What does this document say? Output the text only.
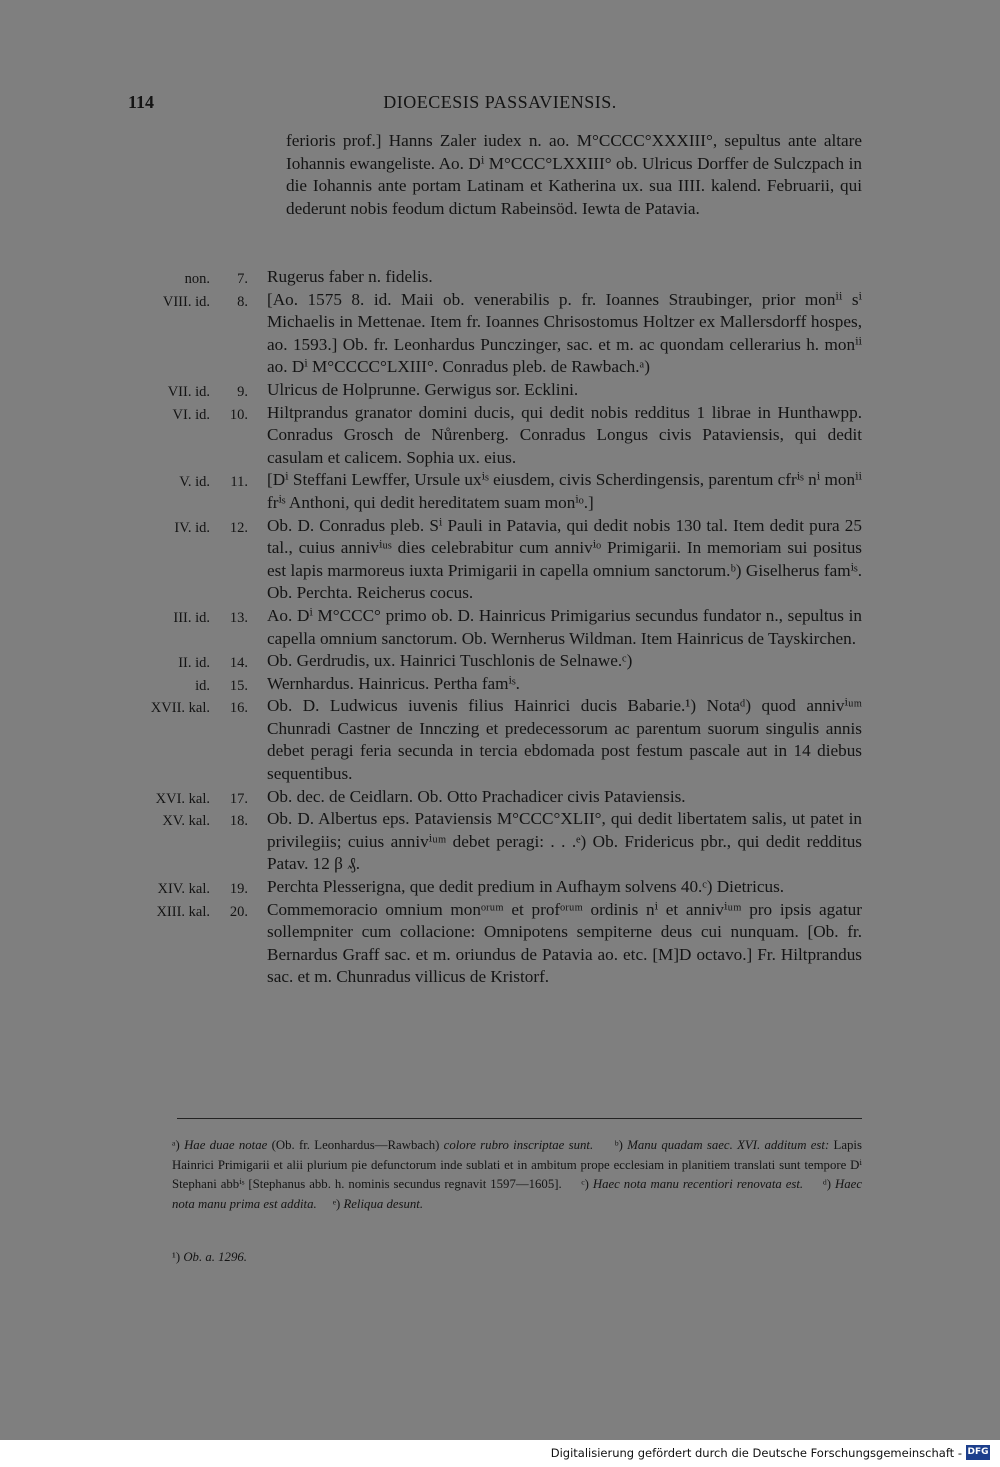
114	DIOECESIS PASSAVIENSIS.
ferioris prof.] Hanns Zaler iudex n. ao. M°CCCC°XXXIII°, sepultus ante altare Iohannis ewangeliste. Ao. Dⁱ M°CCC°LXXIII° ob. Ulricus Dorffer de Sulczpach in die Iohannis ante portam Latinam et Katherina ux. sua IIII. kalend. Februarii, qui dederunt nobis feodum dictum Rabeinsöd. Iewta de Patavia.
non.	7. Rugerus faber n. fidelis.
VIII. id.	8. [Ao. 1575 8. id. Maii ob. venerabilis p. fr. Ioannes Straubinger, prior monⁱⁱ sⁱ Michaelis in Mettenae. Item fr. Ioannes Chrisostomus Holtzer ex Mallersdorff hospes, ao. 1593.] Ob. fr. Leonhardus Punczinger, sac. et m. ac quondam cellerarius h. monⁱⁱ ao. Dⁱ M°CCCC°LXIII°. Conradus pleb. de Rawbach.ᵃ)
VII. id.	9. Ulricus de Holprunne. Gerwigus sor. Ecklini.
VI. id.	10. Hiltprandus granator domini ducis, qui dedit nobis redditus 1 librae in Hunthawpp. Conradus Grosch de Nůrenberg. Conradus Longus civis Pataviensis, qui dedit casulam et calicem. Sophia ux. eius.
V. id.	11. [Dⁱ Steffani Lewffer, Ursule uxⁱˢ eiusdem, civis Scherdingensis, parentum cfrⁱˢ nⁱ monⁱⁱ frⁱˢ Anthoni, qui dedit hereditatem suam monⁱᵒ.]
IV. id.	12. Ob. D. Conradus pleb. Sⁱ Pauli in Patavia, qui dedit nobis 130 tal. Item dedit pura 25 tal., cuius annivⁱᵘˢ dies celebrabitur cum annivⁱᵒ Primigarii. In memoriam sui positus est lapis marmoreus iuxta Primigarii in capella omnium sanctorum.ᵇ) Giselherus famⁱˢ. Ob. Perchta. Reicherus cocus.
III. id.	13. Ao. Dⁱ M°CCC° primo ob. D. Hainricus Primigarius secundus fundator n., sepultus in capella omnium sanctorum. Ob. Wernherus Wildman. Item Hainricus de Tayskirchen.
II. id.	14. Ob. Gerdrudis, ux. Hainrici Tuschlonis de Selnawe.ᶜ)
id.	15. Wernhardus. Hainricus. Pertha famⁱˢ.
XVII. kal.	16. Ob. D. Ludwicus iuvenis filius Hainrici ducis Babarie.¹) Notaᵈ) quod annivⁱᵘᵐ Chunradi Castner de Innczing et predecessorum ac parentum suorum singulis annis debet peragi feria secunda in tercia ebdomada post festum pascale aut in 14 diebus sequentibus.
XVI. kal.	17. Ob. dec. de Ceidlarn. Ob. Otto Prachadicer civis Pataviensis.
XV. kal.	18. Ob. D. Albertus eps. Pataviensis M°CCC°XLII°, qui dedit libertatem salis, ut patet in privilegiis; cuius annivⁱᵘᵐ debet peragi: . . .ᵉ) Ob. Fridericus pbr., qui dedit redditus Patav. 12 β ₰.
XIV. kal.	19. Perchta Plesserigna, que dedit predium in Aufhaym solvens 40.ᶜ) Dietricus.
XIII. kal.	20. Commemoracio omnium monᵒʳᵘᵐ et profᵒʳᵘᵐ ordinis nⁱ et annivⁱᵘᵐ pro ipsis agatur sollempniter cum collacione: Omnipotens sempiterne deus cui nunquam. [Ob. fr. Bernardus Graff sac. et m. oriundus de Patavia ao. etc. [M]D octavo.] Fr. Hiltprandus sac. et m. Chunradus villicus de Kristorf.
ᵃ) Hae duae notae (Ob. fr. Leonhardus—Rawbach) colore rubro inscriptae sunt. ᵇ) Manu quadam saec. XVI. additum est: Lapis Hainrici Primigarii et alii plurium pie defunctorum inde sublati et in ambitum prope ecclesiam in planitiem translati sunt tempore Dⁱ Stephani abbⁱˢ [Stephanus abb. h. nominis secundus regnavit 1597—1605]. ᶜ) Haec nota manu recentiori renovata est. ᵈ) Haec nota manu prima est addita. ᵉ) Reliqua desunt.
¹) Ob. a. 1296.
Digitalisierung gefördert durch die Deutsche Forschungsgemeinschaft - DFG
